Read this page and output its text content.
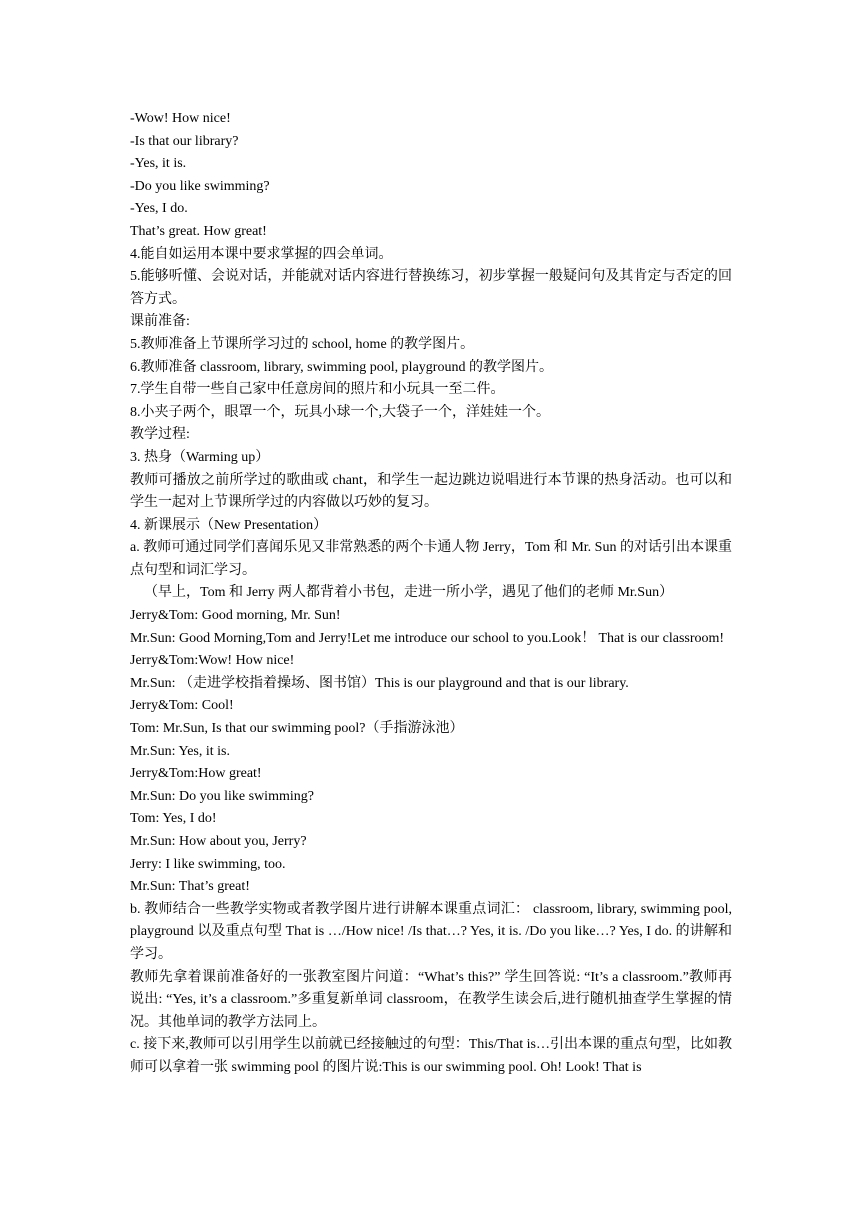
-Wow! How nice!
-Is that our library?
-Yes, it is.
-Do you like swimming?
-Yes, I do.
That’s great. How great!
4.能自如运用本课中要求掌握的四会单词。
5.能够听懂、会说对话，并能就对话内容进行替换练习，初步掌握一般疑问句及其肯定与否定的回答方式。
课前准备:
5.教师准备上节课所学习过的 school, home 的教学图片。
6.教师准备 classroom, library, swimming pool, playground 的教学图片。
7.学生自带一些自己家中任意房间的照片和小玩具一至二件。
8.小夹子两个，眼罩一个，玩具小球一个,大袋子一个，洋娃娃一个。
教学过程:
3. 热身（Warming up）
教师可播放之前所学过的歌曲或 chant，和学生一起边跳边说唱进行本节课的热身活动。也可以和学生一起对上节课所学过的内容做以巧妙的复习。
4. 新课展示（New Presentation）
a. 教师可通过同学们喜闻乐见又非常熟悉的两个卡通人物 Jerry，Tom 和 Mr. Sun 的对话引出本课重点句型和词汇学习。
（早上，Tom 和 Jerry 两人都背着小书包，走进一所小学，遇见了他们的老师 Mr.Sun）
Jerry&Tom: Good morning, Mr. Sun!
Mr.Sun: Good Morning,Tom and Jerry!Let me introduce our school to you.Look！ That is our classroom!
Jerry&Tom:Wow! How nice!
Mr.Sun: （走进学校指着操场、图书馆）This is our playground and that is our library.
Jerry&Tom: Cool!
Tom: Mr.Sun, Is that our swimming pool?（手指游泳池）
Mr.Sun: Yes, it is.
Jerry&Tom:How great!
Mr.Sun: Do you like swimming?
Tom: Yes, I do!
Mr.Sun: How about you, Jerry?
Jerry: I like swimming, too.
Mr.Sun: That’s great!
b. 教师结合一些教学实物或者教学图片进行讲解本课重点词汇： classroom, library, swimming pool, playground 以及重点句型 That is …/How nice! /Is that…? Yes, it is. /Do you like…? Yes, I do. 的讲解和学习。
教师先拿着课前准备好的一张教室图片问道：“What’s this?” 学生回答说: “It’s a classroom.”教师再说出: “Yes, it’s a classroom.”多重复新单词 classroom，在教学生读会后,进行随机抽查学生掌握的情况。其他单词的教学方法同上。
c. 接下来,教师可以引用学生以前就已经接触过的句型：This/That is…引出本课的重点句型，比如教师可以拿着一张 swimming pool 的图片说:This is our swimming pool. Oh! Look! That is
